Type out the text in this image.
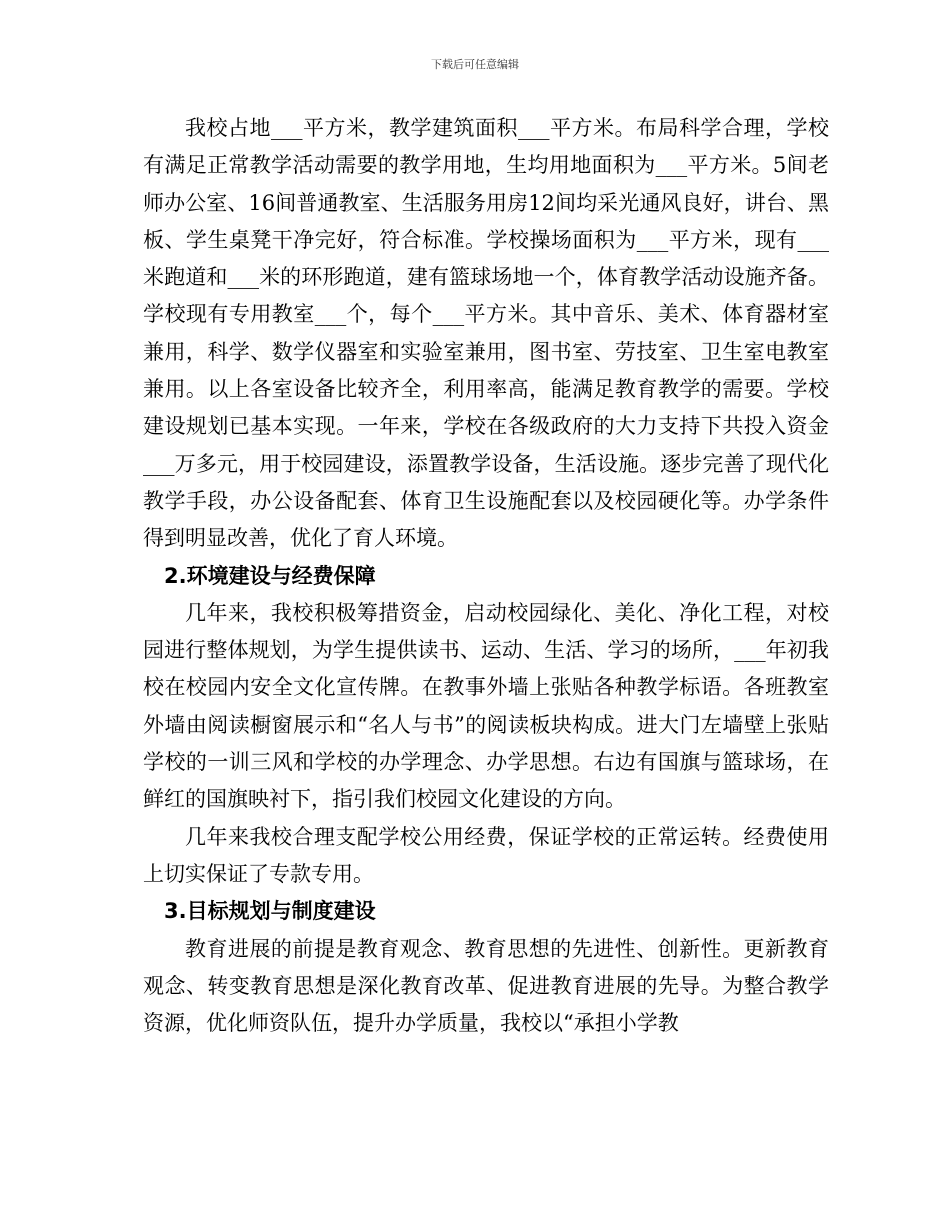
下载后可任意编辑

我校占地___平方米，教学建筑面积___平方米。布局科学合理，学校有满足正常教学活动需要的教学用地，生均用地面积为___平方米。5间老师办公室、16间普通教室、生活服务用房12间均采光通风良好，讲台、黑板、学生桌凳干净完好，符合标准。学校操场面积为___平方米，现有___米跑道和___米的环形跑道，建有篮球场地一个，体育教学活动设施齐备。学校现有专用教室___个，每个___平方米。其中音乐、美术、体育器材室兼用，科学、数学仪器室和实验室兼用，图书室、劳技室、卫生室电教室兼用。以上各室设备比较齐全，利用率高，能满足教育教学的需要。学校建设规划已基本实现。一年来，学校在各级政府的大力支持下共投入资金___万多元，用于校园建设，添置教学设备，生活设施。逐步完善了现代化教学手段，办公设备配套、体育卫生设施配套以及校园硬化等。办学条件得到明显改善，优化了育人环境。

2.环境建设与经费保障

几年来，我校积极筹措资金，启动校园绿化、美化、净化工程，对校园进行整体规划，为学生提供读书、运动、生活、学习的场所，___年初我校在校园内安全文化宣传牌。在教事外墙上张贴各种教学标语。各班教室外墙由阅读橱窗展示和“名人与书”的阅读板块构成。进大门左墙壁上张贴学校的一训三风和学校的办学理念、办学思想。右边有国旗与篮球场，在鲜红的国旗映衬下，指引我们校园文化建设的方向。

几年来我校合理支配学校公用经费，保证学校的正常运转。经费使用上切实保证了专款专用。

3.目标规划与制度建设

教育进展的前提是教育观念、教育思想的先进性、创新性。更新教育观念、转变教育思想是深化教育改革、促进教育进展的先导。为整合教学资源，优化师资队伍，提升办学质量，我校以“承担小学教
